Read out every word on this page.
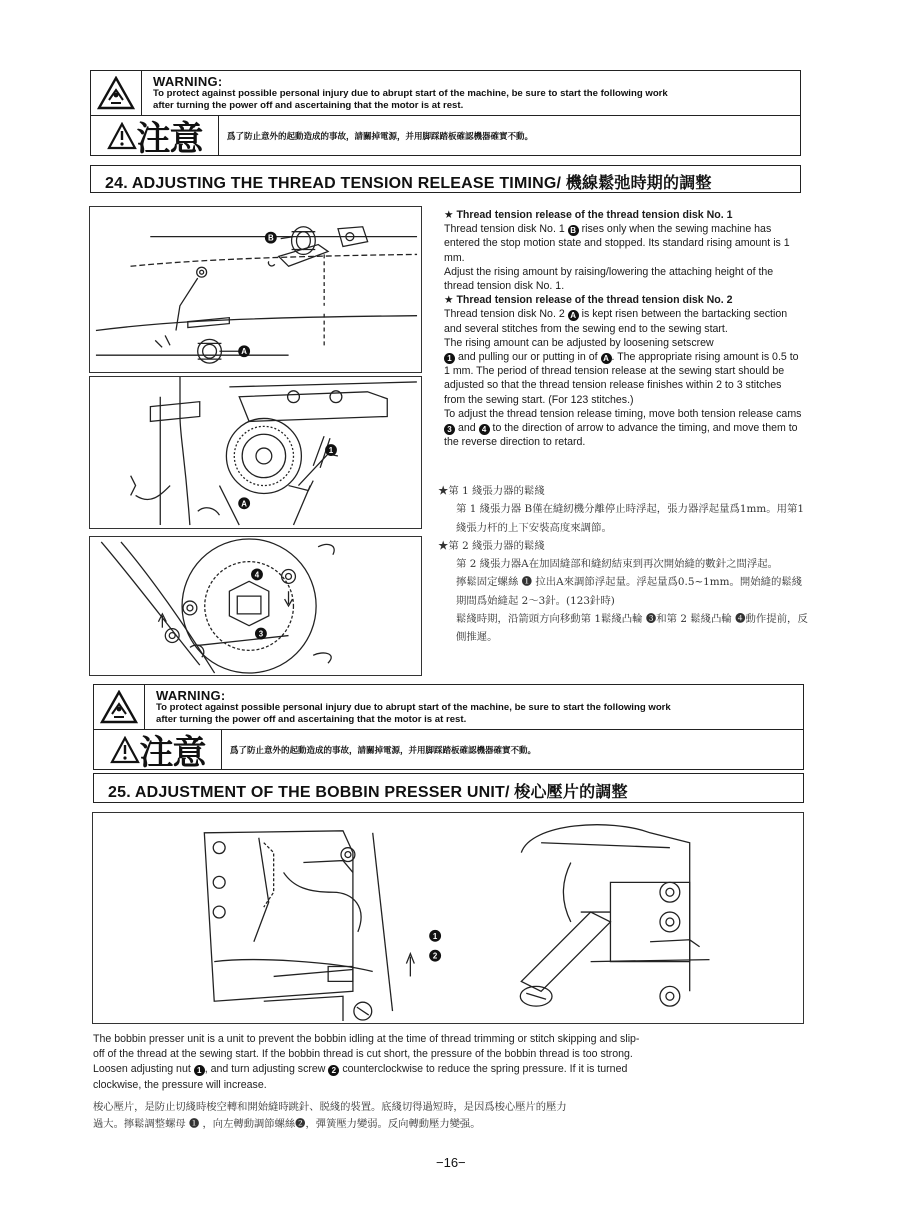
WARNING:
To protect against possible personal injury due to abrupt start of the machine, be sure to start the following work
after turning the power off and ascertaining that the motor is at rest.
注意	爲了防止意外的起動造成的事故，請關掉電源，并用脚踩踏板確認機器確實不動。
24. ADJUSTING THE THREAD TENSION RELEASE TIMING/ 機線鬆弛時期的調整
B
A
1
A
4
3

★ Thread tension release of the thread tension disk No. 1

Thread tension disk No. 1 B rises only when the sewing machine has entered the stop motion state and stopped. Its standard rising amount is 1 mm.

Adjust the rising amount by raising/lowering the attaching height of the thread tension disk No. 1.

★ Thread tension release of the thread tension disk No. 2

Thread tension disk No. 2 A is kept risen between the bartacking section and several stitches from the sewing end to the sewing start.

The rising amount can be adjusted by loosening setscrew
1 and pulling our or putting in of A . The appropriate rising amount is 0.5 to 1 mm. The period of thread tension release at the sewing start should be adjusted so that the thread tension release finishes within 2 to 3 stitches from the sewing start. (For 123 stitches.)

To adjust the thread tension release timing, move both tension release cams 3 and 4 to the direction of arrow to advance the timing, and move them to the reverse direction to retard.

★第 1 綫張力器的鬆綫

第 1 綫張力器 B僅在縫紉機分離停止時浮起，張力器浮起量爲1mm。用第1綫張力杆的上下安裝高度來調節。

★第 2 綫張力器的鬆綫

第 2 綫張力器A在加固縫部和縫紉結束到再次開始縫的數針之間浮起。

擰鬆固定螺絲 ❶ 拉出A來調節浮起量。浮起量爲0.5~1mm。開始縫的鬆綫期間爲始縫起 2～3針。(123針時)

鬆綫時期，沿箭頭方向移動第 1鬆綫凸輪 ❸和第 2 鬆綫凸輪 ❹動作提前，反側推遲。

WARNING:
To protect against possible personal injury due to abrupt start of the machine, be sure to start the following work
after turning the power off and ascertaining that the motor is at rest.
注意	爲了防止意外的起動造成的事故，請關掉電源，并用脚踩踏板確認機器確實不動。
25. ADJUSTMENT OF THE BOBBIN PRESSER UNIT/ 梭心壓片的調整
1
2
The bobbin presser unit is a unit to prevent the bobbin idling at the time of thread trimming or stitch skipping and slip-
off of the thread at the sewing start. If the bobbin thread is cut short, the pressure of the bobbin thread is too strong.
Loosen adjusting nut 1 , and turn adjusting screw 2 counterclockwise to reduce the spring pressure. If it is turned
clockwise, the pressure will increase.
梭心壓片，是防止切綫時梭空轉和開始縫時跳針、脱綫的裝置。底綫切得過短時，是因爲梭心壓片的壓力
過大。擰鬆調整螺母 ❶ ，向左轉動調節螺絲❷，彈簧壓力變弱。反向轉動壓力變强。
−16−
